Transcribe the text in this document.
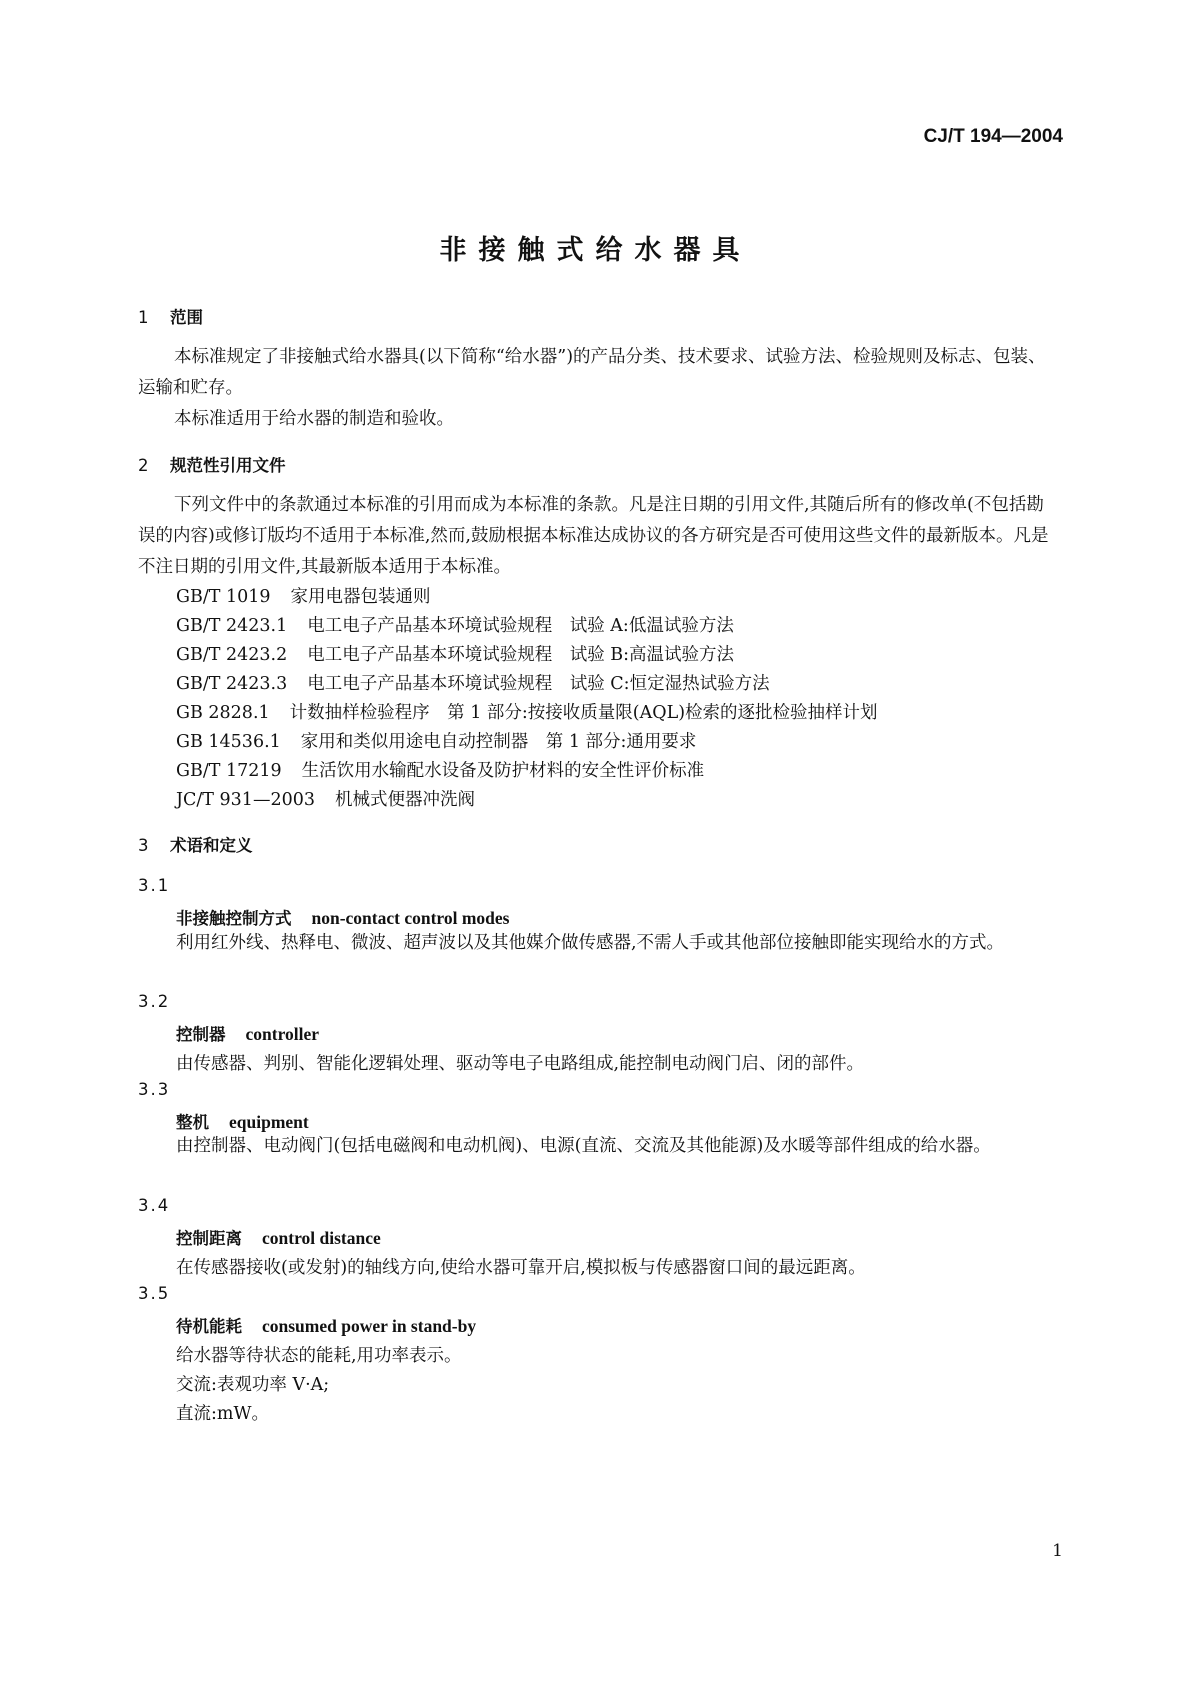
CJ/T 194—2004
非接触式给水器具
1 范围
本标准规定了非接触式给水器具(以下简称“给水器”)的产品分类、技术要求、试验方法、检验规则及标志、包装、运输和贮存。
本标准适用于给水器的制造和验收。
2 规范性引用文件
下列文件中的条款通过本标准的引用而成为本标准的条款。凡是注日期的引用文件,其随后所有的修改单(不包括勘误的内容)或修订版均不适用于本标准,然而,鼓励根据本标准达成协议的各方研究是否可使用这些文件的最新版本。凡是不注日期的引用文件,其最新版本适用于本标准。
GB/T 1019 家用电器包装通则
GB/T 2423.1 电工电子产品基本环境试验规程　试验 A:低温试验方法
GB/T 2423.2 电工电子产品基本环境试验规程　试验 B:高温试验方法
GB/T 2423.3 电工电子产品基本环境试验规程　试验 C:恒定湿热试验方法
GB 2828.1 计数抽样检验程序　第 1 部分:按接收质量限(AQL)检索的逐批检验抽样计划
GB 14536.1 家用和类似用途电自动控制器　第 1 部分:通用要求
GB/T 17219 生活饮用水输配水设备及防护材料的安全性评价标准
JC/T 931—2003 机械式便器冲洗阀
3 术语和定义
3.1
非接触控制方式 non-contact control modes
利用红外线、热释电、微波、超声波以及其他媒介做传感器,不需人手或其他部位接触即能实现给水的方式。
3.2
控制器 controller
由传感器、判别、智能化逻辑处理、驱动等电子电路组成,能控制电动阀门启、闭的部件。
3.3
整机 equipment
由控制器、电动阀门(包括电磁阀和电动机阀)、电源(直流、交流及其他能源)及水暖等部件组成的给水器。
3.4
控制距离 control distance
在传感器接收(或发射)的轴线方向,使给水器可靠开启,模拟板与传感器窗口间的最远距离。
3.5
待机能耗 consumed power in stand-by
给水器等待状态的能耗,用功率表示。
交流:表观功率 V·A;
直流:mW。
1
